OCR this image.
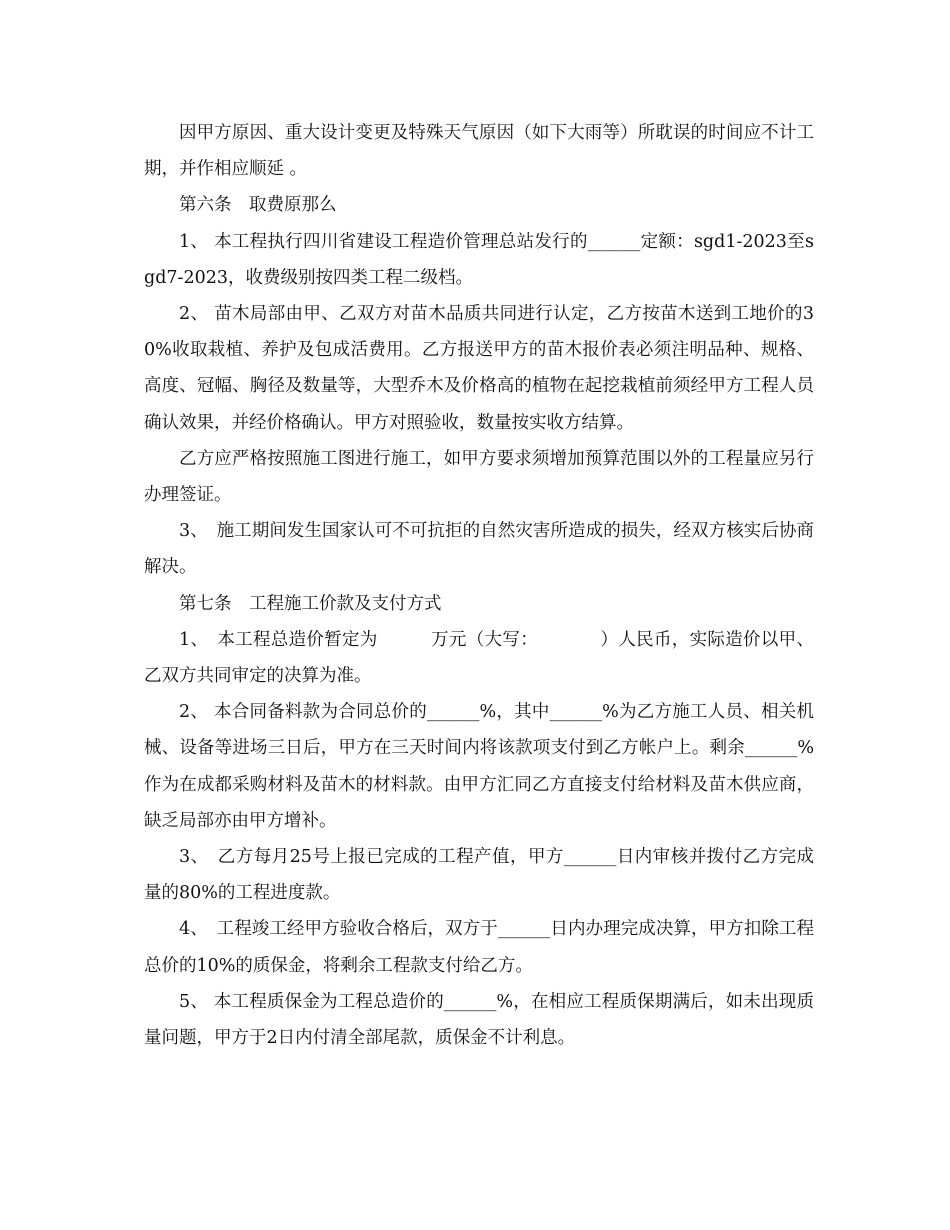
因甲方原因、重大设计变更及特殊天气原因（如下大雨等）所耽误的时间应不计工期，并作相应顺延 。

第六条　取费原那么

1、 本工程执行四川省建设工程造价管理总站发行的______定额：sgd1-2023至sgd7-2023，收费级别按四类工程二级档。

2、 苗木局部由甲、乙双方对苗木品质共同进行认定，乙方按苗木送到工地价的30%收取栽植、养护及包成活费用。乙方报送甲方的苗木报价表必须注明品种、规格、高度、冠幅、胸径及数量等，大型乔木及价格高的植物在起挖栽植前须经甲方工程人员确认效果，并经价格确认。甲方对照验收，数量按实收方结算。

乙方应严格按照施工图进行施工，如甲方要求须增加预算范围以外的工程量应另行办理签证。

3、　施工期间发生国家认可不可抗拒的自然灾害所造成的损失，经双方核实后协商解决。

第七条　工程施工价款及支付方式

1、　本工程总造价暂定为　　　万元（大写：　　　　）人民币，实际造价以甲、乙双方共同审定的决算为准。

2、 本合同备料款为合同总价的______%，其中______%为乙方施工人员、相关机械、设备等进场三日后，甲方在三天时间内将该款项支付到乙方帐户上。剩余______%作为在成都采购材料及苗木的材料款。由甲方汇同乙方直接支付给材料及苗木供应商，缺乏局部亦由甲方增补。

3、　乙方每月25号上报已完成的工程产值，甲方______日内审核并拨付乙方完成量的80%的工程进度款。

4、　工程竣工经甲方验收合格后，双方于______日内办理完成决算，甲方扣除工程总价的10%的质保金，将剩余工程款支付给乙方。

5、 本工程质保金为工程总造价的______%，在相应工程质保期满后，如未出现质量问题，甲方于2日内付清全部尾款，质保金不计利息。
